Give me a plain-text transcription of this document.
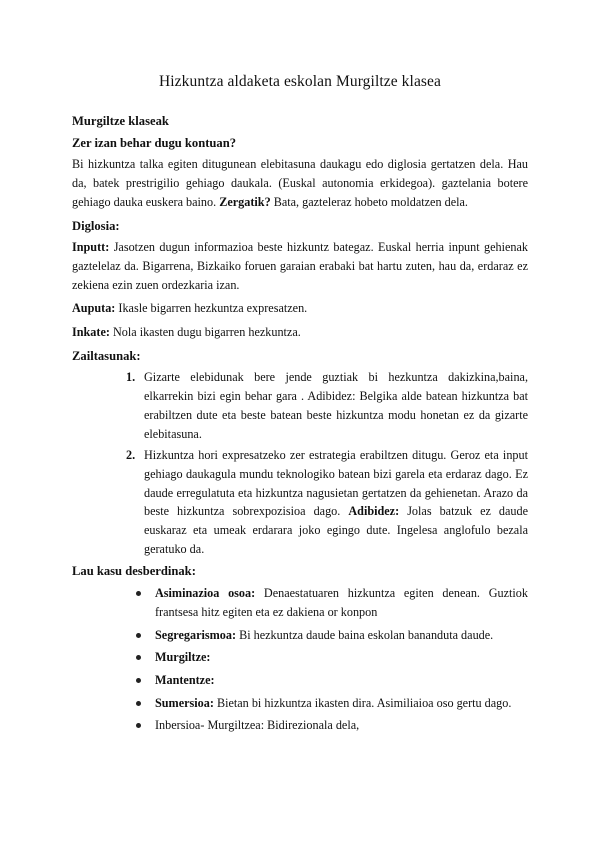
Hizkuntza aldaketa eskolan Murgiltze klasea
Murgiltze klaseak
Zer izan behar dugu kontuan?

Bi hizkuntza talka egiten ditugunean elebitasuna daukagu edo diglosia gertatzen dela. Hau da, batek prestrigilio gehiago daukala. (Euskal autonomia erkidegoa). gaztelania botere gehiago dauka euskera baino. Zergatik? Bata, gazteleraz hobeto moldatzen dela.

Diglosia:

Inputt: Jasotzen dugun informazioa beste hizkuntz bategaz. Euskal herria inpunt gehienak gaztelelaz da. Bigarrena, Bizkaiko foruen garaian erabaki bat hartu zuten, hau da, erdaraz ez zekiena ezin zuen ordezkaria izan.

Auputa: Ikasle bigarren hezkuntza expresatzen.

Inkate: Nola ikasten dugu bigarren hezkuntza.

Zailtasunak:
1. Gizarte elebidunak bere jende guztiak bi hezkuntza dakizkina,baina, elkarrekin bizi egin behar gara . Adibidez: Belgika alde batean hizkuntza bat erabiltzen dute eta beste batean beste hizkuntza modu honetan ez da gizarte elebitasuna.
2. Hizkuntza hori expresatzeko zer estrategia erabiltzen ditugu. Geroz eta input gehiago daukagula mundu teknologiko batean bizi garela eta erdaraz dago. Ez daude erregulatuta eta hizkuntza nagusietan gertatzen da gehienetan. Arazo da beste hizkuntza sobrexpozisioa dago. Adibidez: Jolas batzuk ez daude euskaraz eta umeak erdarara joko egingo dute. Ingelesa anglofulo bezala geratuko da.
Lau kasu desberdinak:
Asiminazioa osoa: Denaestatuaren hizkuntza egiten denean. Guztiok frantsesa hitz egiten eta ez dakiena or konpon
Segregarismoa: Bi hezkuntza daude baina eskolan bananduta daude.
Murgiltze:
Mantentze:
Sumersioa: Bietan bi hizkuntza ikasten dira. Asimiliaioa oso gertu dago.
Inbersioa- Murgiltzea: Bidirezionala dela,
